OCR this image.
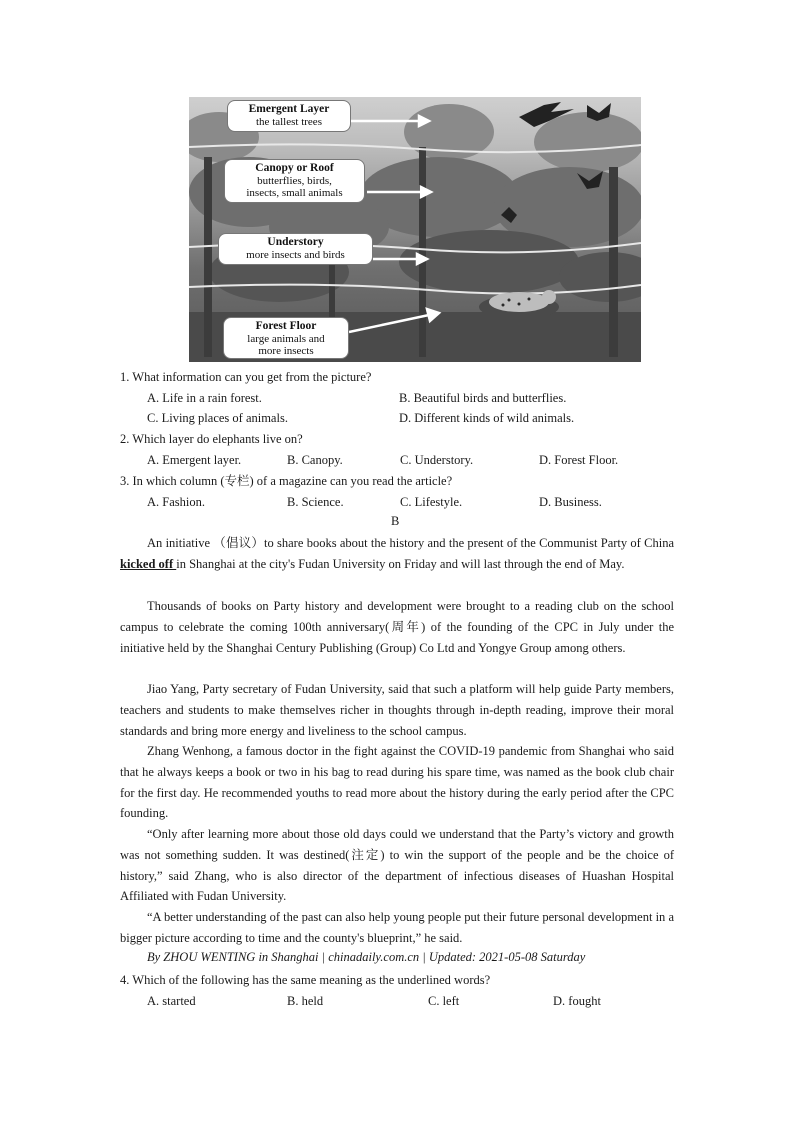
Emergent Layer
the tallest trees
Canopy or Roof
butterflies, birds,
insects, small animals
Understory
more insects and birds
Forest Floor
large animals and
more insects
1. What information can you get from the picture?
A. Life in a rain forest.	B. Beautiful birds and butterflies.
C. Living places of animals.	D. Different kinds of wild animals.
2. Which layer do elephants live on?
A. Emergent layer.	B. Canopy.	C. Understory.	D. Forest Floor.
3. In which column (专栏) of a magazine can you read the article?
A. Fashion.	B. Science.	C. Lifestyle.	D. Business.
B

An initiative （倡议）to share books about the history and the present of the Communist Party of China kicked off in Shanghai at the city's Fudan University on Friday and will last through the end of May.

Thousands of books on Party history and development were brought to a reading club on the school campus to celebrate the coming 100th anniversary(周年) of the founding of the CPC in July under the initiative held by the Shanghai Century Publishing (Group) Co Ltd and Yongye Group among others.

Jiao Yang, Party secretary of Fudan University, said that such a platform will help guide Party members, teachers and students to make themselves richer in thoughts through in-depth reading, improve their moral standards and bring more energy and liveliness to the school campus.

Zhang Wenhong, a famous doctor in the fight against the COVID-19 pandemic from Shanghai who said that he always keeps a book or two in his bag to read during his spare time, was named as the book club chair for the first day. He recommended youths to read more about the history during the early period after the CPC founding.

“Only after learning more about those old days could we understand that the Party’s victory and growth was not something sudden. It was destined(注定) to win the support of the people and be the choice of history,” said Zhang, who is also director of the department of infectious diseases of Huashan Hospital Affiliated with Fudan University.

“A better understanding of the past can also help young people put their future personal development in a bigger picture according to time and the county's blueprint,” he said.

By ZHOU WENTING in Shanghai | chinadaily.com.cn | Updated: 2021-05-08 Saturday
4. Which of the following has the same meaning as the underlined words?
A. started	B. held	C. left	D. fought
